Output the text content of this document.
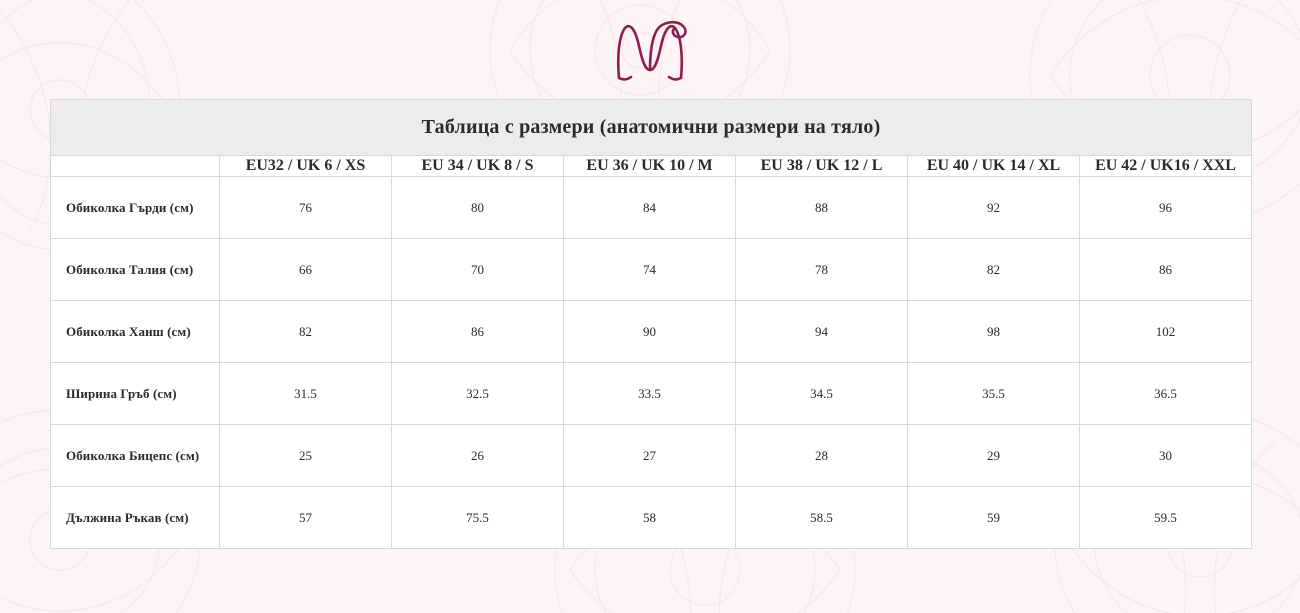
Таблица с размери (анатомични размери на тяло)						
	EU32 / UK 6 / XS	EU 34 / UK 8 / S	EU 36 / UK 10 / M	EU 38 / UK 12 / L	EU 40 / UK 14 / XL	EU 42 / UK16 / XXL
Обиколка Гърди (см)	76	80	84	88	92	96
Обиколка Талия (см)	66	70	74	78	82	86
Обиколка Ханш (см)	82	86	90	94	98	102
Ширина Гръб (см)	31.5	32.5	33.5	34.5	35.5	36.5
Обиколка Бицепс (см)	25	26	27	28	29	30
Дължина Ръкав (см)	57	75.5	58	58.5	59	59.5
